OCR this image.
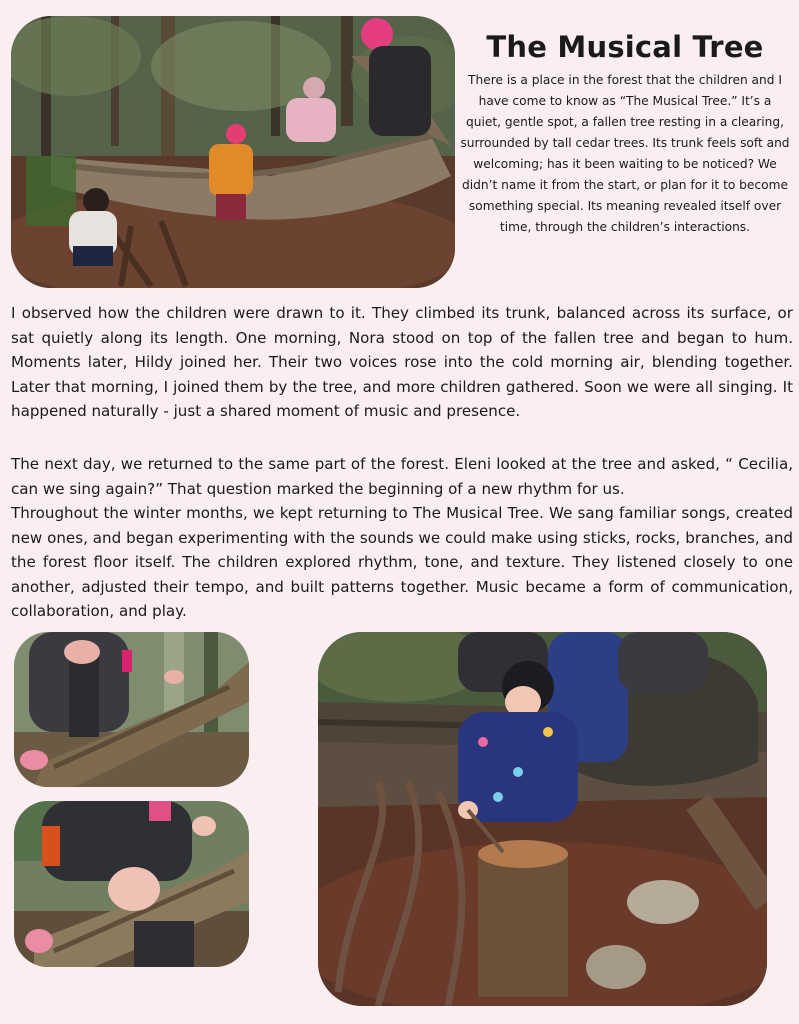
The Musical Tree

There is a place in the forest that the children and I have come to know as “The Musical Tree.” It’s a quiet, gentle spot, a fallen tree resting in a clearing, surrounded by tall cedar trees. Its trunk feels soft and welcoming; has it been waiting to be noticed? We didn’t name it from the start, or plan for it to become something special. Its meaning revealed itself over time, through the children’s interactions.

I observed how the children were drawn to it. They climbed its trunk, balanced across its surface, or sat quietly along its length. One morning, Nora stood on top of the fallen tree and began to hum. Moments later, Hildy joined her. Their two voices rose into the cold morning air, blending together. Later that morning, I joined them by the tree, and more children gathered. Soon we were all singing. It happened naturally - just a shared moment of music and presence.

The next day, we returned to the same part of the forest. Eleni looked at the tree and asked, “ Cecilia, can we sing again?” That question marked the beginning of a new rhythm for us.

Throughout the winter months, we kept returning to The Musical Tree. We sang familiar songs, created new ones, and began experimenting with the sounds we could make using sticks, rocks, branches, and the forest floor itself. The children explored rhythm, tone, and texture. They listened closely to one another, adjusted their tempo, and built patterns together. Music became a form of communication, collaboration, and play.
